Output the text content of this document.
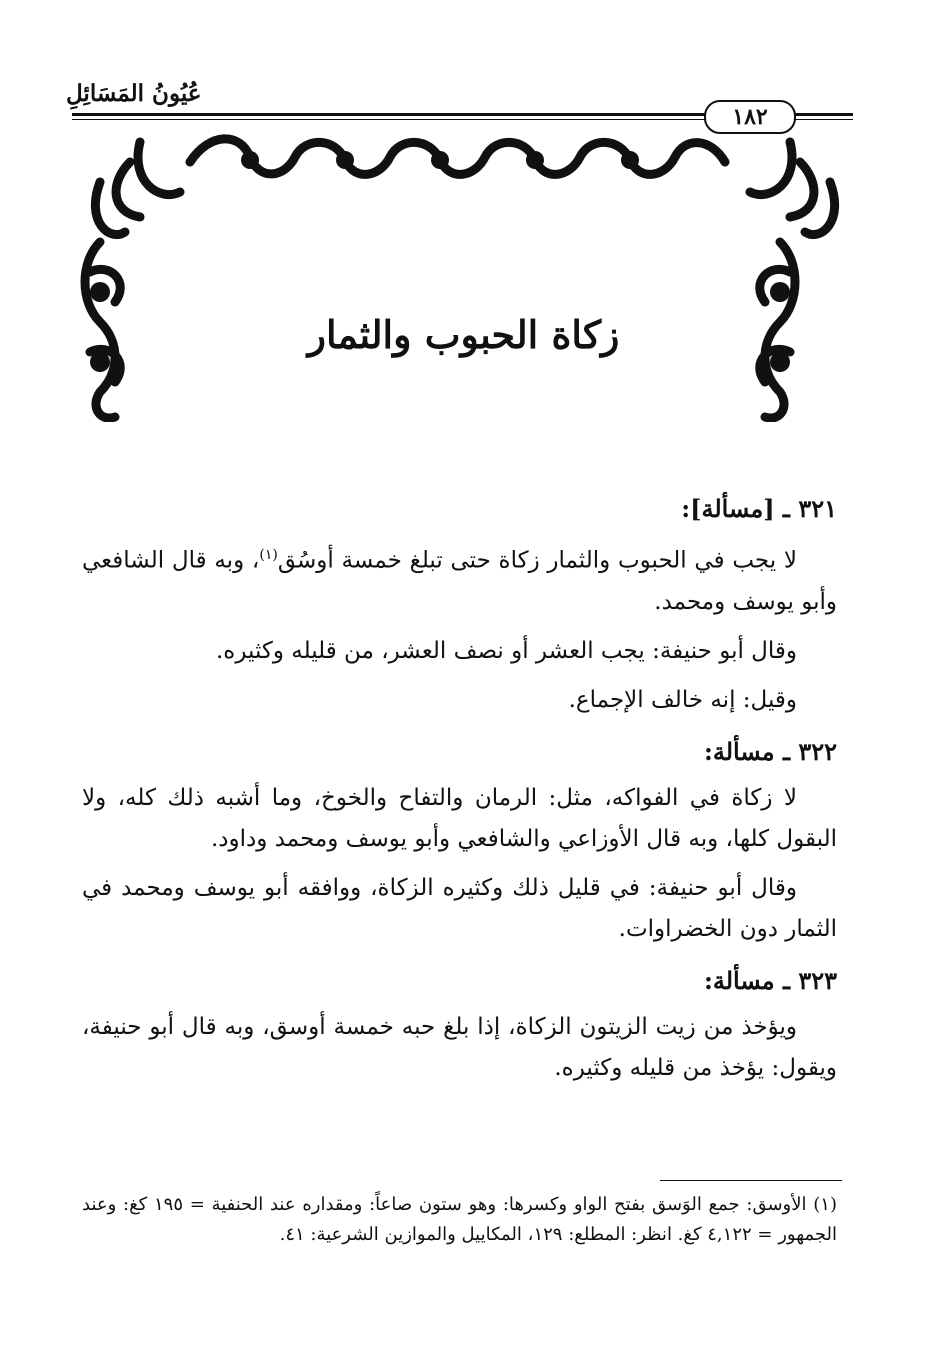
عُيُونُ المَسَائِلِ
١٨٢
زكاة الحبوب والثمار

٣٢١ ـ [مسألة]:

لا يجب في الحبوب والثمار زكاة حتى تبلغ خمسة أوسُق$^{(١)}$، وبه قال الشافعي وأبو يوسف ومحمد.

وقال أبو حنيفة: يجب العشر أو نصف العشر، من قليله وكثيره.

وقيل: إنه خالف الإجماع.

٣٢٢ ـ مسألة:

لا زكاة في الفواكه، مثل: الرمان والتفاح والخوخ، وما أشبه ذلك كله، ولا البقول كلها، وبه قال الأوزاعي والشافعي وأبو يوسف ومحمد وداود.

وقال أبو حنيفة: في قليل ذلك وكثيره الزكاة، ووافقه أبو يوسف ومحمد في الثمار دون الخضراوات.

٣٢٣ ـ مسألة:

ويؤخذ من زيت الزيتون الزكاة، إذا بلغ حبه خمسة أوسق، وبه قال أبو حنيفة، ويقول: يؤخذ من قليله وكثيره.

(١) الأوسق: جمع الوَسق بفتح الواو وكسرها: وهو ستون صاعاً: ومقداره عند الحنفية = ١٩٥ كغ: وعند الجمهور = ٤,١٢٢ كغ. انظر: المطلع: ١٢٩، المكاييل والموازين الشرعية: ٤١.
